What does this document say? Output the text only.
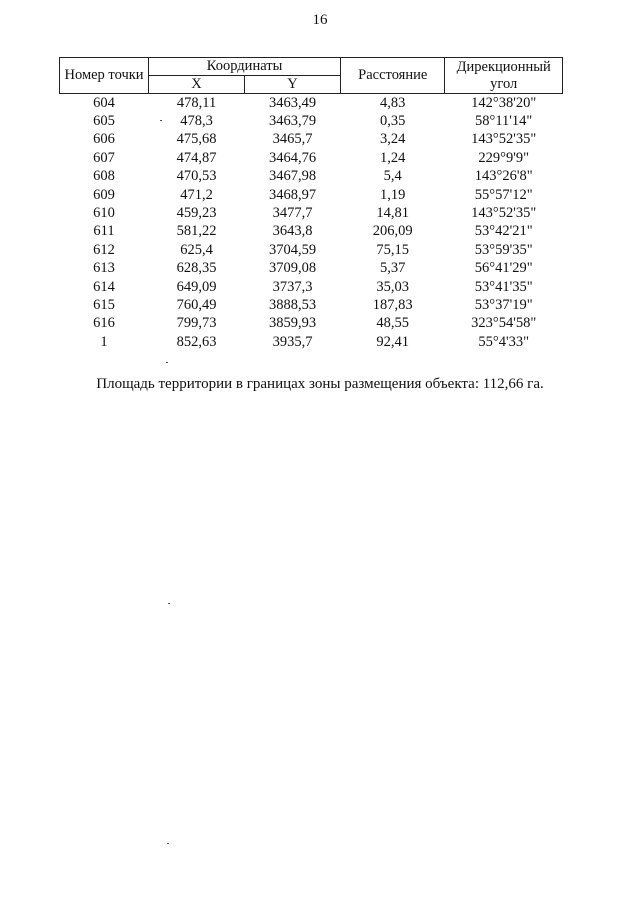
16
Номер точки	Координаты		Расстояние	Дирекционный угол
	X	Y		
604	478,11	3463,49	4,83	142°38'20"
605	478,3	3463,79	0,35	58°11'14"
606	475,68	3465,7	3,24	143°52'35"
607	474,87	3464,76	1,24	229°9'9"
608	470,53	3467,98	5,4	143°26'8"
609	471,2	3468,97	1,19	55°57'12"
610	459,23	3477,7	14,81	143°52'35"
611	581,22	3643,8	206,09	53°42'21"
612	625,4	3704,59	75,15	53°59'35"
613	628,35	3709,08	5,37	56°41'29"
614	649,09	3737,3	35,03	53°41'35"
615	760,49	3888,53	187,83	53°37'19"
616	799,73	3859,93	48,55	323°54'58"
1	852,63	3935,7	92,41	55°4'33"
Площадь территории в границах зоны размещения объекта: 112,66 га.
